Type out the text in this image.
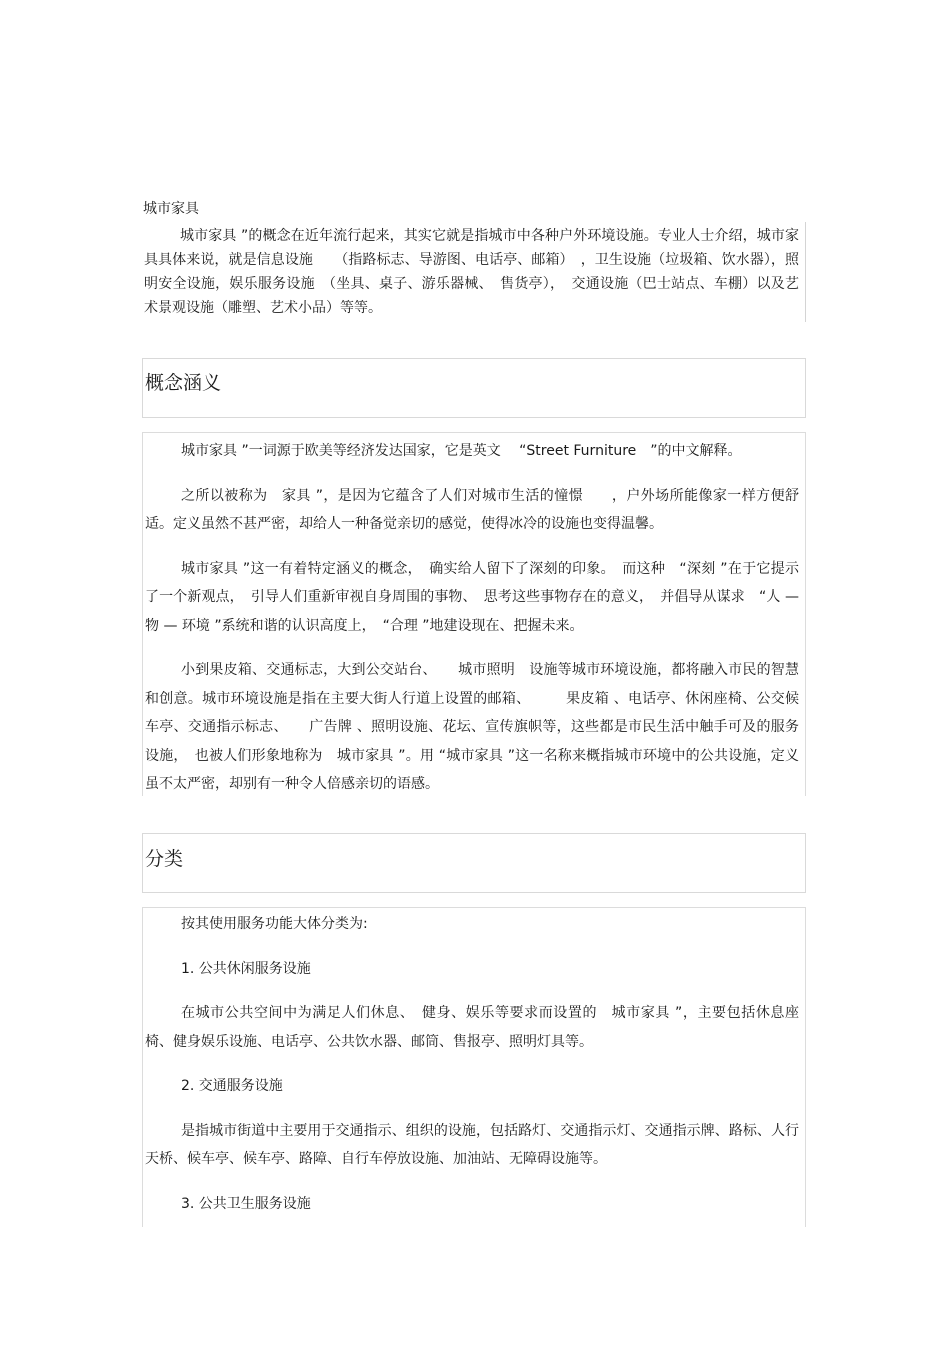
城市家具

城市家具 ”的概念在近年流行起来，其实它就是指城市中各种户外环境设施。专业人士介绍，城市家具具体来说，就是信息设施　　（指路标志、导游图、电话亭、邮箱）　，卫生设施（垃圾箱、饮水器），照明安全设施，娱乐服务设施　（坐具、桌子、游乐器械、　售货亭），　交通设施（巴士站点、车棚）以及艺术景观设施（雕塑、艺术小品）等等。

概念涵义

城市家具 ”一词源于欧美等经济发达国家，它是英文　 “Street Furniture　”的中文解释。

之所以被称为　家具 ”，是因为它蕴含了人们对城市生活的憧憬　　，户外场所能像家一样方便舒适。定义虽然不甚严密，却给人一种备觉亲切的感觉，使得冰冷的设施也变得温馨。

城市家具 ”这一有着特定涵义的概念，　确实给人留下了深刻的印象。　而这种　“深刻 ”在于它提示了一个新观点，　引导人们重新审视自身周围的事物、　思考这些事物存在的意义，　并倡导从谋求　“人 — 物 — 环境 ”系统和谐的认识高度上，　“合理 ”地建设现在、把握未来。

小到果皮箱、交通标志，大到公交站台、　　城市照明　设施等城市环境设施，都将融入市民的智慧和创意。城市环境设施是指在主要大街人行道上设置的邮箱、　　　果皮箱 、电话亭、休闲座椅、公交候车亭、交通指示标志、　　广告牌 、照明设施、花坛、宣传旗帜等，这些都是市民生活中触手可及的服务设施，　也被人们形象地称为　城市家具 ”。用 “城市家具 ”这一名称来概指城市环境中的公共设施，定义虽不太严密，却别有一种令人倍感亲切的语感。

分类

按其使用服务功能大体分类为:

1. 公共休闲服务设施

在城市公共空间中为满足人们休息、　健身、娱乐等要求而设置的　城市家具 ”，主要包括休息座椅、健身娱乐设施、电话亭、公共饮水器、邮筒、售报亭、照明灯具等。

2. 交通服务设施

是指城市街道中主要用于交通指示、组织的设施，包括路灯、交通指示灯、交通指示牌、路标、人行天桥、候车亭、候车亭、路障、自行车停放设施、加油站、无障碍设施等。

3. 公共卫生服务设施
